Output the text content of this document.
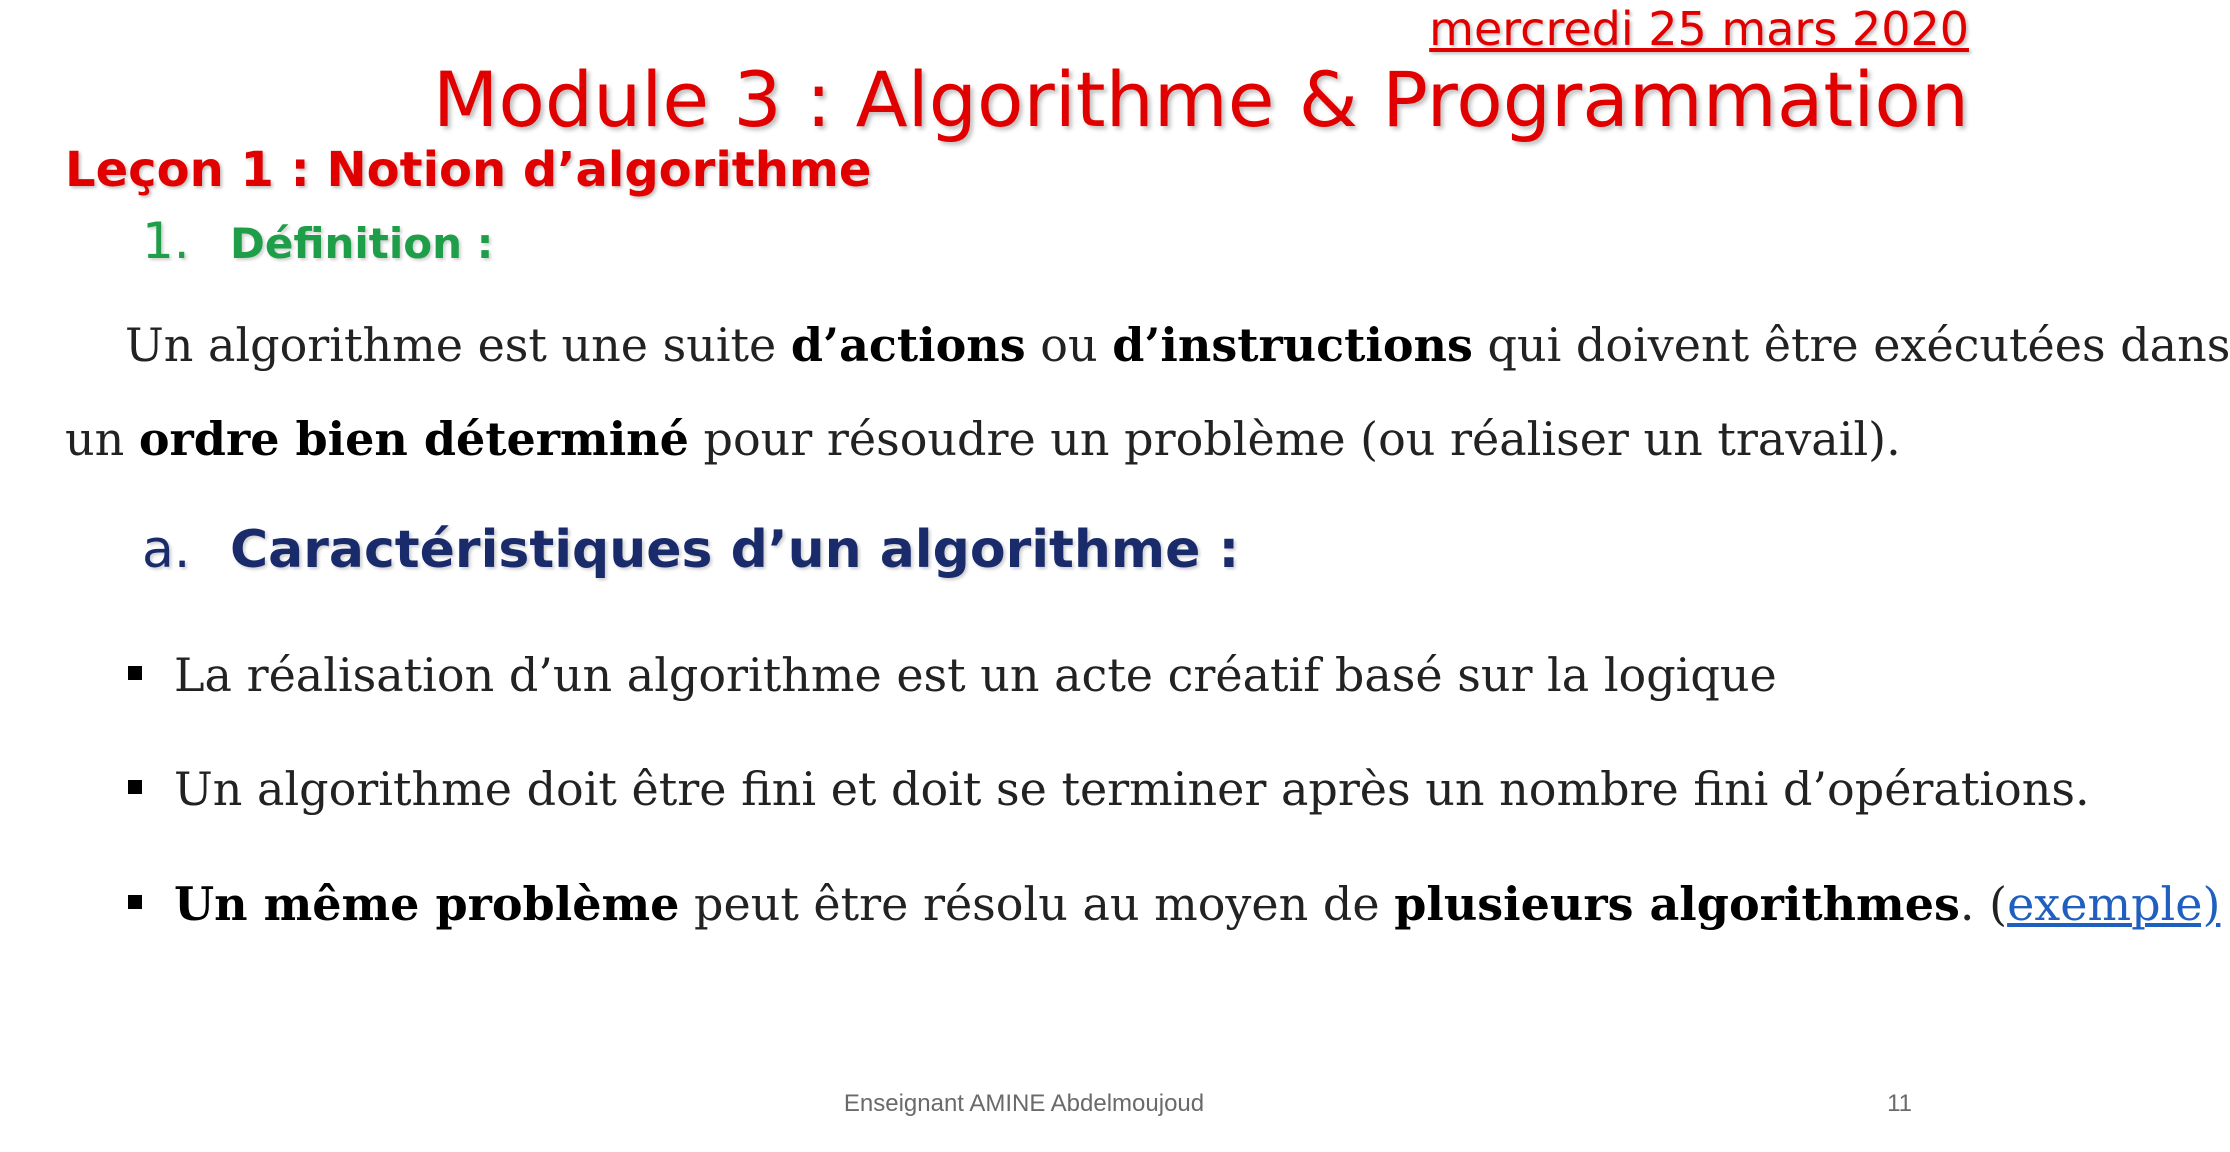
mercredi 25 mars 2020
Module 3 : Algorithme & Programmation
Leçon 1 : Notion d’algorithme
1. Définition :
Un algorithme est une suite d’actions ou d’instructions qui doivent être exécutées dans
un ordre bien déterminé pour résoudre un problème (ou réaliser un travail).
a. Caractéristiques d’un algorithme :
La réalisation d’un algorithme est un acte créatif basé sur la logique
Un algorithme doit être fini et doit se terminer après un nombre fini d’opérations.
Un même problème peut être résolu au moyen de plusieurs algorithmes. (exemple)
Enseignant AMINE Abdelmoujoud	11
